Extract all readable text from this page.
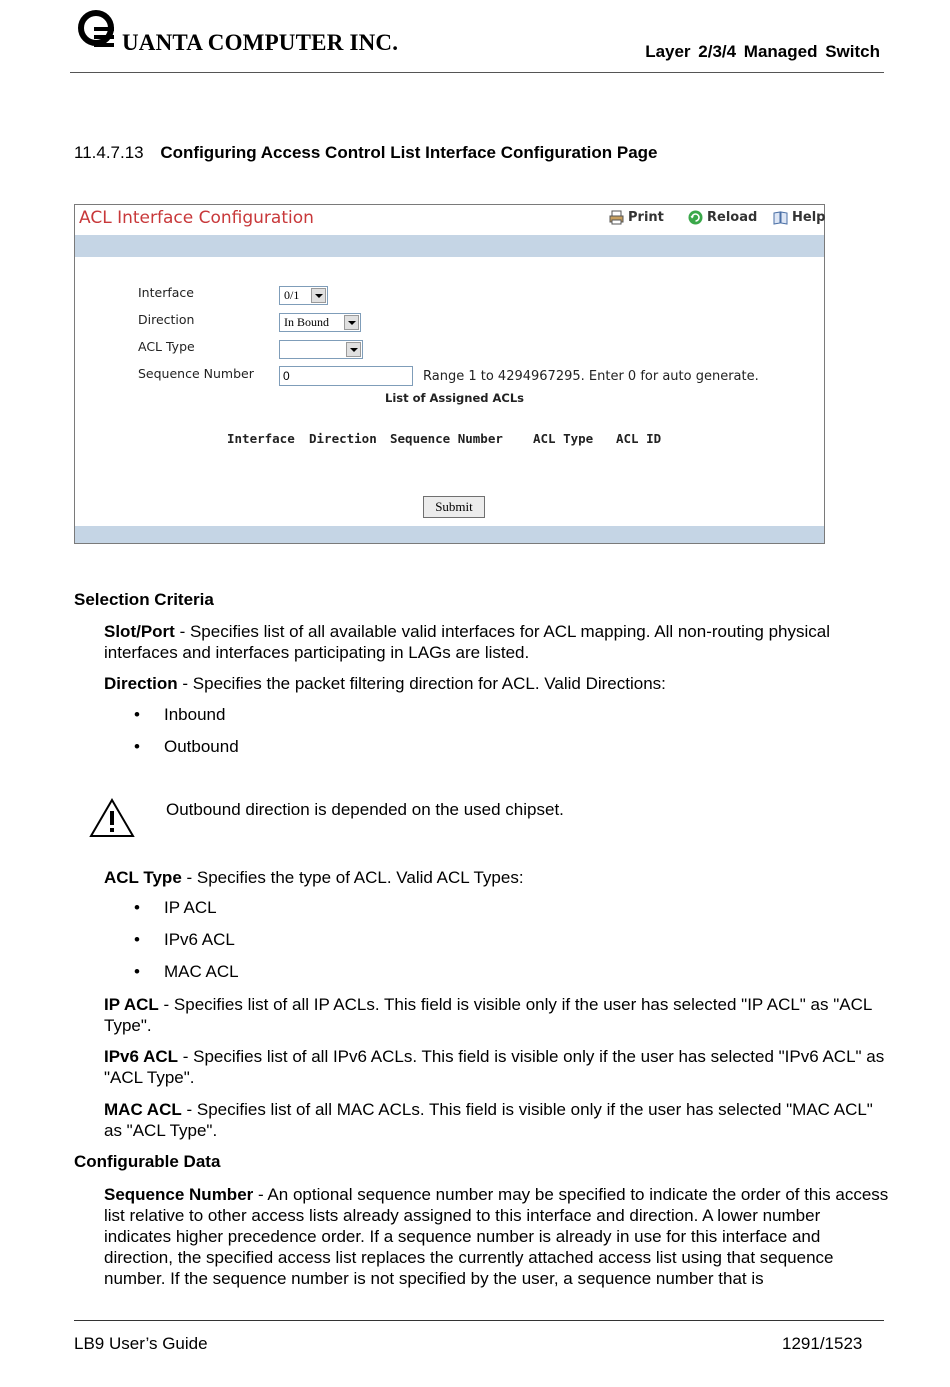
UANTA COMPUTER INC.	Layer 2/3/4 Managed Switch
11.4.7.13 Configuring Access Control List Interface Configuration Page
ACL Interface Configuration	Print	Reload	Help
Interface	0/1
Direction	In Bound
ACL Type
Sequence Number	0	Range 1 to 4294967295. Enter 0 for auto generate.
List of Assigned ACLs
Interface Direction Sequence Number ACL Type ACL ID
Submit
Selection Criteria
Slot/Port - Specifies list of all available valid interfaces for ACL mapping. All non-routing physical interfaces and interfaces participating in LAGs are listed.
Direction - Specifies the packet filtering direction for ACL. Valid Directions:
• Inbound
• Outbound
Outbound direction is depended on the used chipset.
ACL Type - Specifies the type of ACL. Valid ACL Types:
• IP ACL
• IPv6 ACL
• MAC ACL
IP ACL - Specifies list of all IP ACLs. This field is visible only if the user has selected "IP ACL" as "ACL Type".
IPv6 ACL - Specifies list of all IPv6 ACLs. This field is visible only if the user has selected "IPv6 ACL" as "ACL Type".
MAC ACL - Specifies list of all MAC ACLs. This field is visible only if the user has selected "MAC ACL" as "ACL Type".
Configurable Data
Sequence Number - An optional sequence number may be specified to indicate the order of this access list relative to other access lists already assigned to this interface and direction. A lower number indicates higher precedence order. If a sequence number is already in use for this interface and direction, the specified access list replaces the currently attached access list using that sequence number. If the sequence number is not specified by the user, a sequence number that is
LB9 User’s Guide	1291/1523
